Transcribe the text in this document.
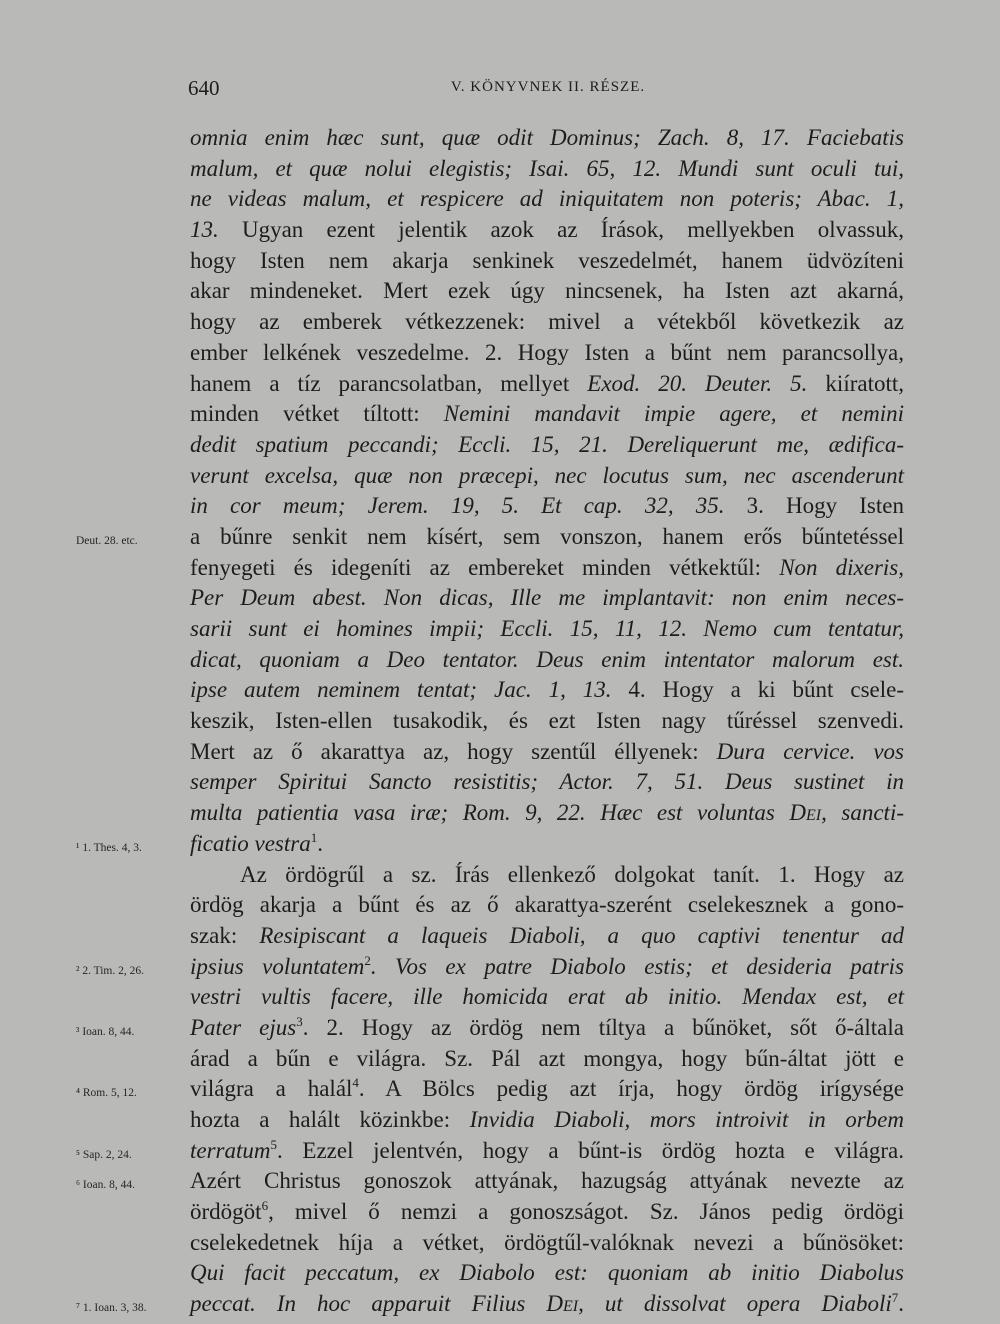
640	V. KÖNYVNEK II. RÉSZE.
omnia enim hæc sunt, quæ odit Dominus; Zach. 8, 17. Faciebatis
malum, et quæ nolui elegistis; Isai. 65, 12. Mundi sunt oculi tui,
ne videas malum, et respicere ad iniquitatem non poteris; Abac. 1,
13. Ugyan ezent jelentik azok az Írások, mellyekben olvassuk,
hogy Isten nem akarja senkinek veszedelmét, hanem üdvözíteni
akar mindeneket. Mert ezek úgy nincsenek, ha Isten azt akarná,
hogy az emberek vétkezzenek: mivel a vétekből következik az
ember lelkének veszedelme. 2. Hogy Isten a bűnt nem parancsollya,
hanem a tíz parancsolatban, mellyet Exod. 20. Deuter. 5. kiíratott,
minden vétket tíltott: Nemini mandavit impie agere, et nemini
dedit spatium peccandi; Eccli. 15, 21. Dereliquerunt me, ædifica-
verunt excelsa, quæ non præcepi, nec locutus sum, nec ascenderunt
in cor meum; Jerem. 19, 5. Et cap. 32, 35. 3. Hogy Isten
Deut. 28. etc. a bűnre senkit nem kísért, sem vonszon, hanem erős bűntetéssel
fenyegeti és idegeníti az embereket minden vétkektűl: Non dixeris,
Per Deum abest. Non dicas, Ille me implantavit: non enim neces-
sarii sunt ei homines impii; Eccli. 15, 11, 12. Nemo cum tentatur,
dicat, quoniam a Deo tentator. Deus enim intentator malorum est.
ipse autem neminem tentat; Jac. 1, 13. 4. Hogy a ki bűnt csele-
keszik, Isten-ellen tusakodik, és ezt Isten nagy tűréssel szenvedi.
Mert az ő akarattya az, hogy szentűl éllyenek: Dura cervice. vos
semper Spiritui Sancto resistitis; Actor. 7, 51. Deus sustinet in
multa patientia vasa iræ; Rom. 9, 22. Hæc est voluntas Dei, sancti-
¹ 1. Thes. 4, 3. ficatio vestra$^1$.
Az ördögrűl a sz. Írás ellenkező dolgokat tanít. 1. Hogy az
ördög akarja a bűnt és az ő akarattya-szerént cselekesznek a gono-
szak: Resipiscant a laqueis Diaboli, a quo captivi tenentur ad
² 2. Tim. 2, 26. ipsius voluntatem$^2$. Vos ex patre Diabolo estis; et desideria patris
vestri vultis facere, ille homicida erat ab initio. Mendax est, et
³ Ioan. 8, 44. Pater ejus$^3$. 2. Hogy az ördög nem tíltya a bűnöket, sőt ő-általa
árad a bűn e világra. Sz. Pál azt mongya, hogy bűn-áltat jött e
⁴ Rom. 5, 12. világra a halál$^4$. A Bölcs pedig azt írja, hogy ördög irígysége
hozta a halált közinkbe: Invidia Diaboli, mors introivit in orbem
⁵ Sap. 2, 24.	terratum$^5$. Ezzel jelentvén, hogy a bűnt-is ördög hozta e világra.
⁶ Ioan. 8, 44. Azért Christus gonoszok attyának, hazugság attyának nevezte az
ördögöt$^6$, mivel ő nemzi a gonoszságot. Sz. János pedig ördögi
cselekedetnek híja a vétket, ördögtűl-valóknak nevezi a bűnösöket:
Qui facit peccatum, ex Diabolo est: quoniam ab initio Diabolus
⁷ 1. Ioan. 3, 38. peccat. In hoc apparuit Filius Dei, ut dissolvat opera Diaboli$^7$.
